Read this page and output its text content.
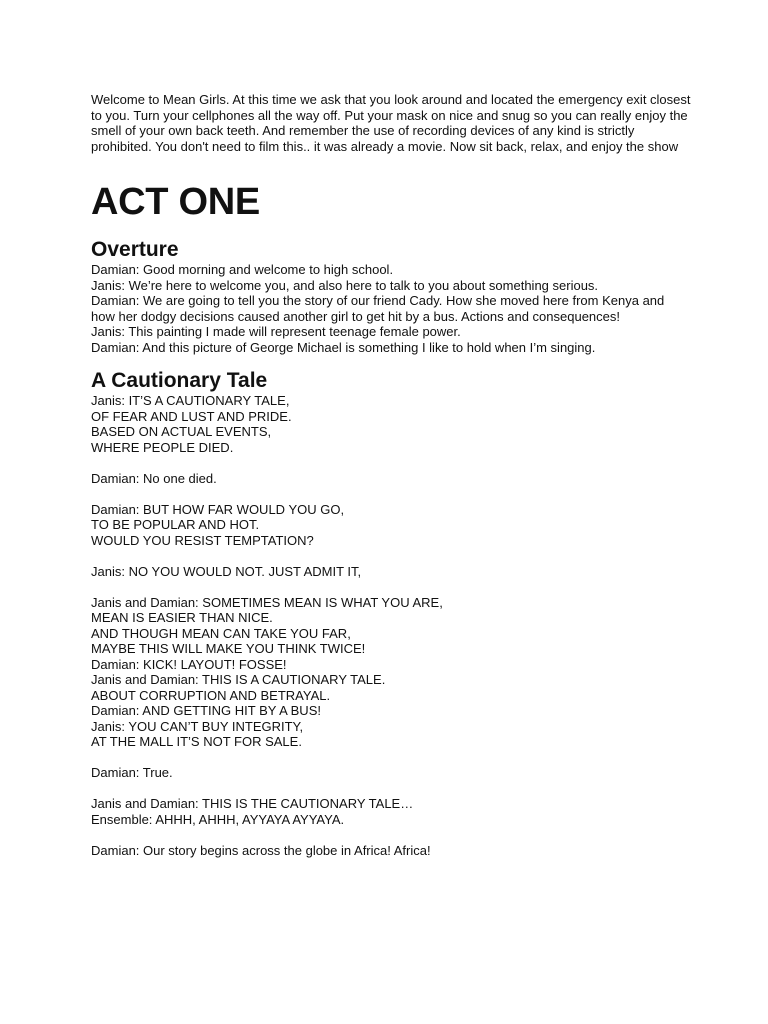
Welcome to Mean Girls. At this time we ask that you look around and located the emergency exit closest to you. Turn your cellphones all the way off. Put your mask on nice and snug so you can really enjoy the smell of your own back teeth. And remember the use of recording devices of any kind is strictly prohibited. You don't need to film this.. it was already a movie. Now sit back, relax, and enjoy the show

ACT ONE
Overture
Damian: Good morning and welcome to high school.
Janis: We’re here to welcome you, and also here to talk to you about something serious.
Damian: We are going to tell you the story of our friend Cady. How she moved here from Kenya and how her dodgy decisions caused another girl to get hit by a bus. Actions and consequences!
Janis: This painting I made will represent teenage female power.
Damian: And this picture of George Michael is something I like to hold when I’m singing.
A Cautionary Tale
Janis: IT’S A CAUTIONARY TALE,
OF FEAR AND LUST AND PRIDE.
BASED ON ACTUAL EVENTS,
WHERE PEOPLE DIED.
Damian: No one died.
Damian: BUT HOW FAR WOULD YOU GO,
TO BE POPULAR AND HOT.
WOULD YOU RESIST TEMPTATION?
Janis: NO YOU WOULD NOT. JUST ADMIT IT,
Janis and Damian: SOMETIMES MEAN IS WHAT YOU ARE,
MEAN IS EASIER THAN NICE.
AND THOUGH MEAN CAN TAKE YOU FAR,
MAYBE THIS WILL MAKE YOU THINK TWICE!
Damian: KICK! LAYOUT! FOSSE!
Janis and Damian: THIS IS A CAUTIONARY TALE.
ABOUT CORRUPTION AND BETRAYAL.
Damian: AND GETTING HIT BY A BUS!
Janis: YOU CAN’T BUY INTEGRITY,
AT THE MALL IT’S NOT FOR SALE.
Damian: True.
Janis and Damian: THIS IS THE CAUTIONARY TALE…
Ensemble: AHHH, AHHH, AYYAYA AYYAYA.
Damian: Our story begins across the globe in Africa! Africa!
